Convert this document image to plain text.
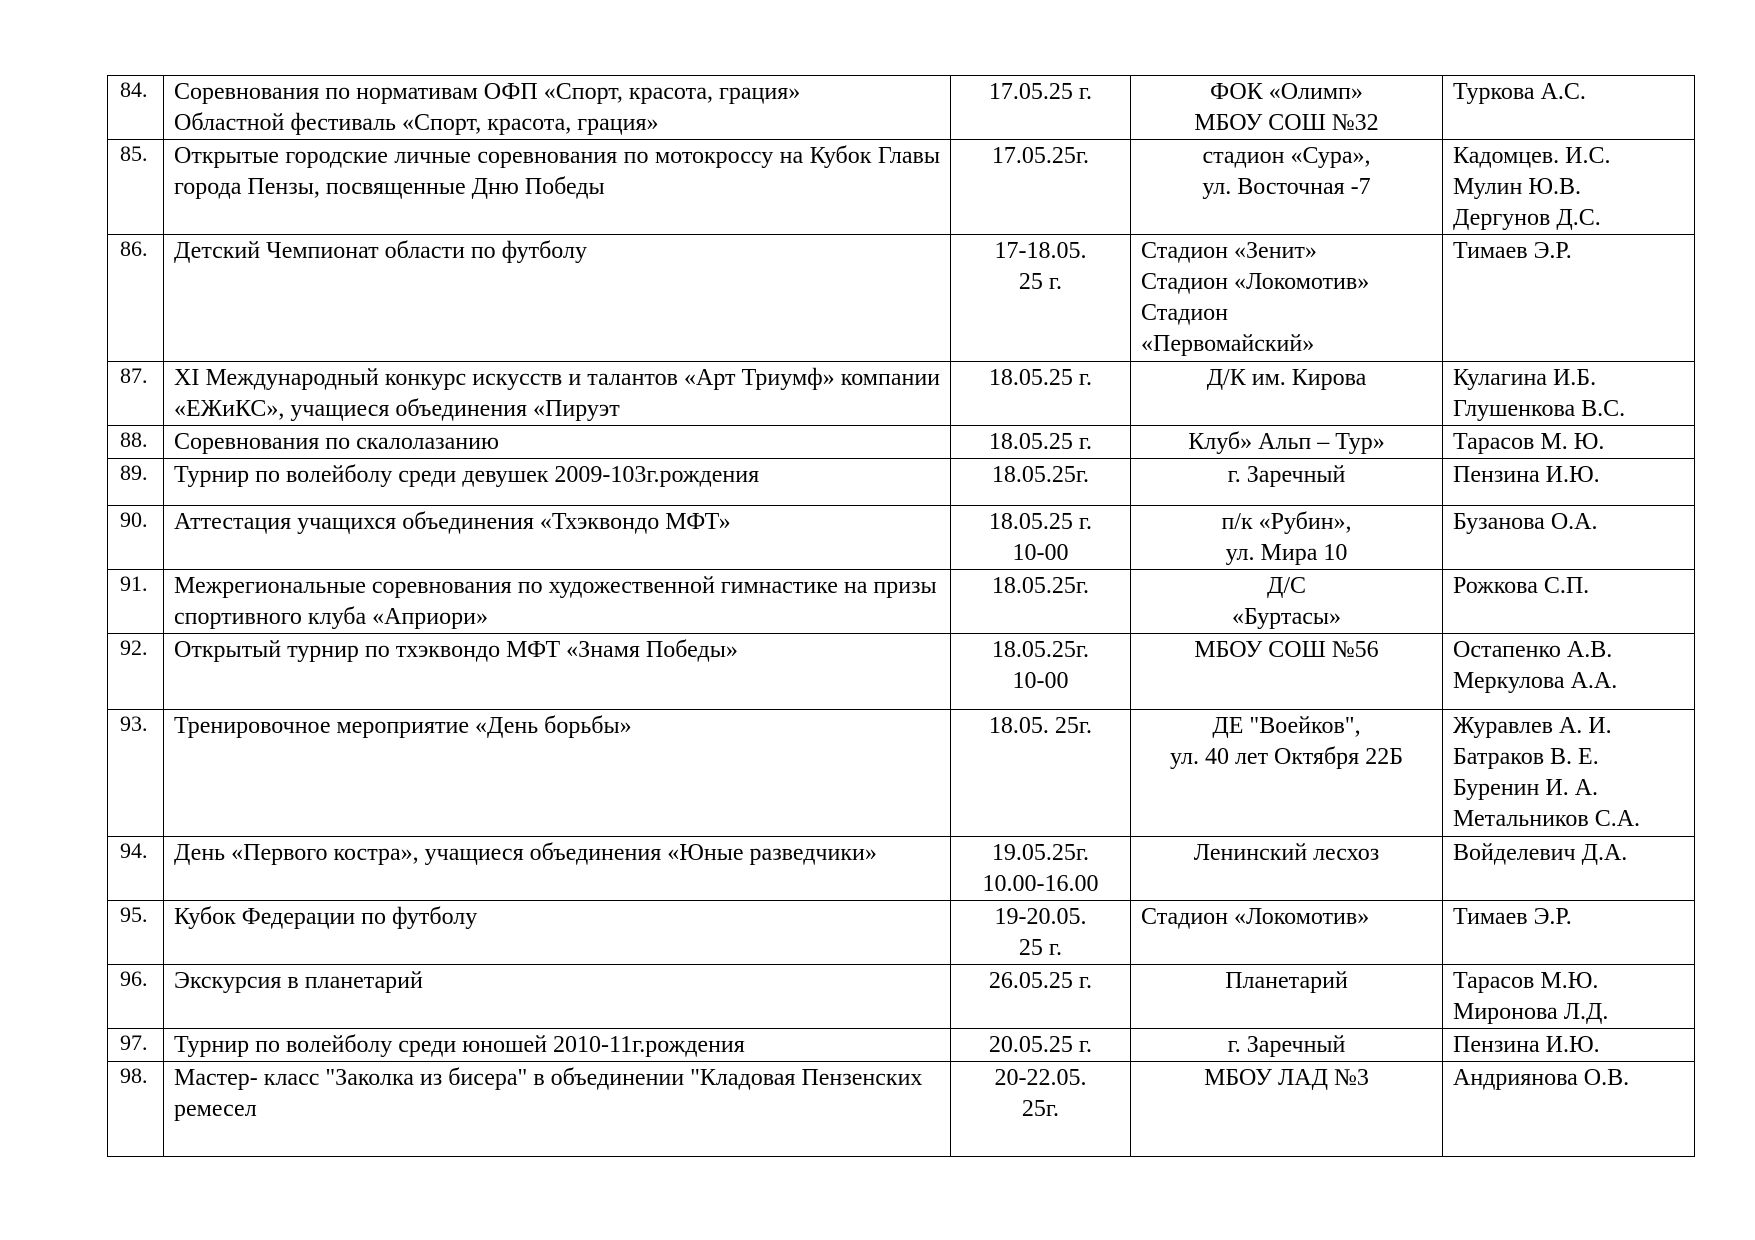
84.	Соревнования по нормативам ОФП «Спорт, красота, грация»
Областной фестиваль «Спорт, красота, грация»	17.05.25 г.	ФОК «Олимп»
МБОУ СОШ №32	Туркова А.С.
85.	Открытые городские личные соревнования по мотокроссу на Кубок Главы города Пензы, посвященные Дню Победы	17.05.25г.	стадион «Сура»,
ул. Восточная -7	Кадомцев. И.С.
Мулин Ю.В.
Дергунов Д.С.
86.	Детский Чемпионат области по футболу	17-18.05.
25 г.	Стадион «Зенит»
Стадион «Локомотив»
Стадион
«Первомайский»	Тимаев Э.Р.
87.	XI Международный конкурс искусств и талантов «Арт Триумф» компании «ЕЖиКС», учащиеся объединения «Пируэт	18.05.25 г.	Д/К им. Кирова	Кулагина И.Б.
Глушенкова В.С.
88.	Соревнования по скалолазанию	18.05.25 г.	Клуб» Альп – Тур»	Тарасов М. Ю.
89.	Турнир по волейболу среди девушек 2009-103г.рождения	18.05.25г.	г. Заречный	Пензина И.Ю.
90.	Аттестация учащихся объединения «Тхэквондо МФТ»	18.05.25 г.
10-00	п/к «Рубин»,
ул. Мира 10	Бузанова О.А.
91.	Межрегиональные соревнования по художественной гимнастике на призы спортивного клуба «Априори»	18.05.25г.	Д/С
«Буртасы»	Рожкова С.П.
92.	Открытый турнир по тхэквондо МФТ «Знамя Победы»	18.05.25г.
10-00	МБОУ СОШ №56	Остапенко А.В.
Меркулова А.А.
93.	Тренировочное мероприятие «День борьбы»	18.05. 25г.	ДЕ "Воейков",
ул. 40 лет Октября 22Б	Журавлев А. И.
Батраков В. Е.
Буренин И. А.
Метальников С.А.
94.	День «Первого костра», учащиеся объединения «Юные разведчики»	19.05.25г.
10.00-16.00	Ленинский лесхоз	Войделевич Д.А.
95.	Кубок Федерации по футболу	19-20.05.
25 г.	Стадион «Локомотив»	Тимаев Э.Р.
96.	Экскурсия в планетарий	26.05.25 г.	Планетарий	Тарасов М.Ю.
Миронова Л.Д.
97.	Турнир по волейболу среди юношей 2010-11г.рождения	20.05.25 г.	г. Заречный	Пензина И.Ю.
98.	Мастер- класс "Заколка из бисера" в объединении "Кладовая Пензенских ремесел	20-22.05.
25г.	МБОУ ЛАД №3	Андриянова О.В.
